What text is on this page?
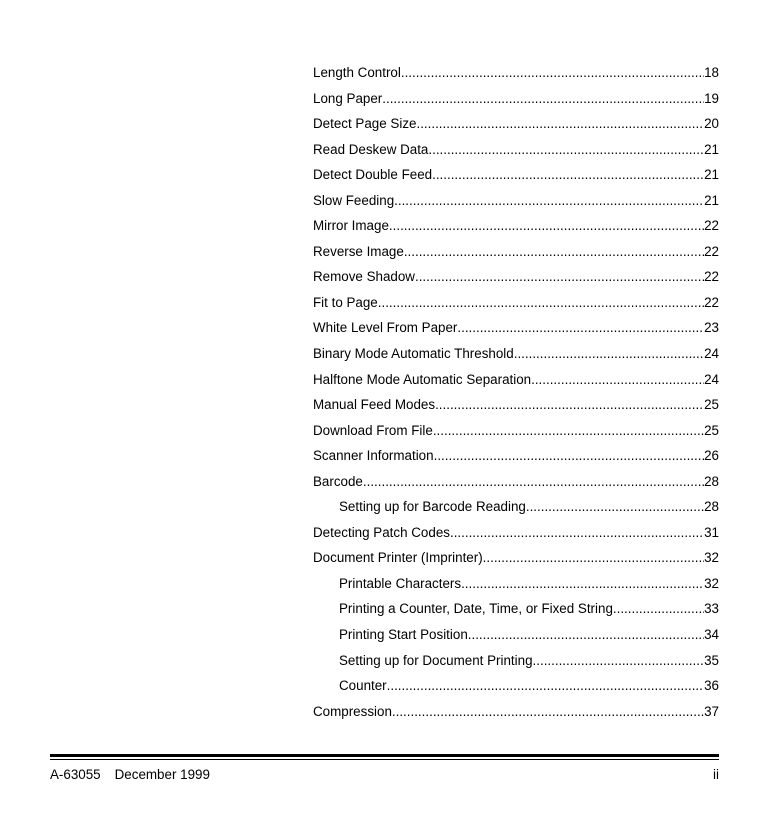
Length Control .....	18
Long Paper .....	19
Detect Page Size .....	20
Read Deskew Data .....	21
Detect Double Feed .....	21
Slow Feeding .....	21
Mirror Image .....	22
Reverse Image .....	22
Remove Shadow .....	22
Fit to Page .....	22
White Level From Paper .....	23
Binary Mode Automatic Threshold .....	24
Halftone Mode Automatic Separation .....	24
Manual Feed Modes .....	25
Download From File .....	25
Scanner Information .....	26
Barcode .....	28
Setting up for Barcode Reading .....	28
Detecting Patch Codes .....	31
Document Printer (Imprinter) .....	32
Printable Characters .....	32
Printing a Counter, Date, Time, or Fixed String .....	33
Printing Start Position .....	34
Setting up for Document Printing .....	35
Counter .....	36
Compression .....	37
A-63055 December 1999	ii
